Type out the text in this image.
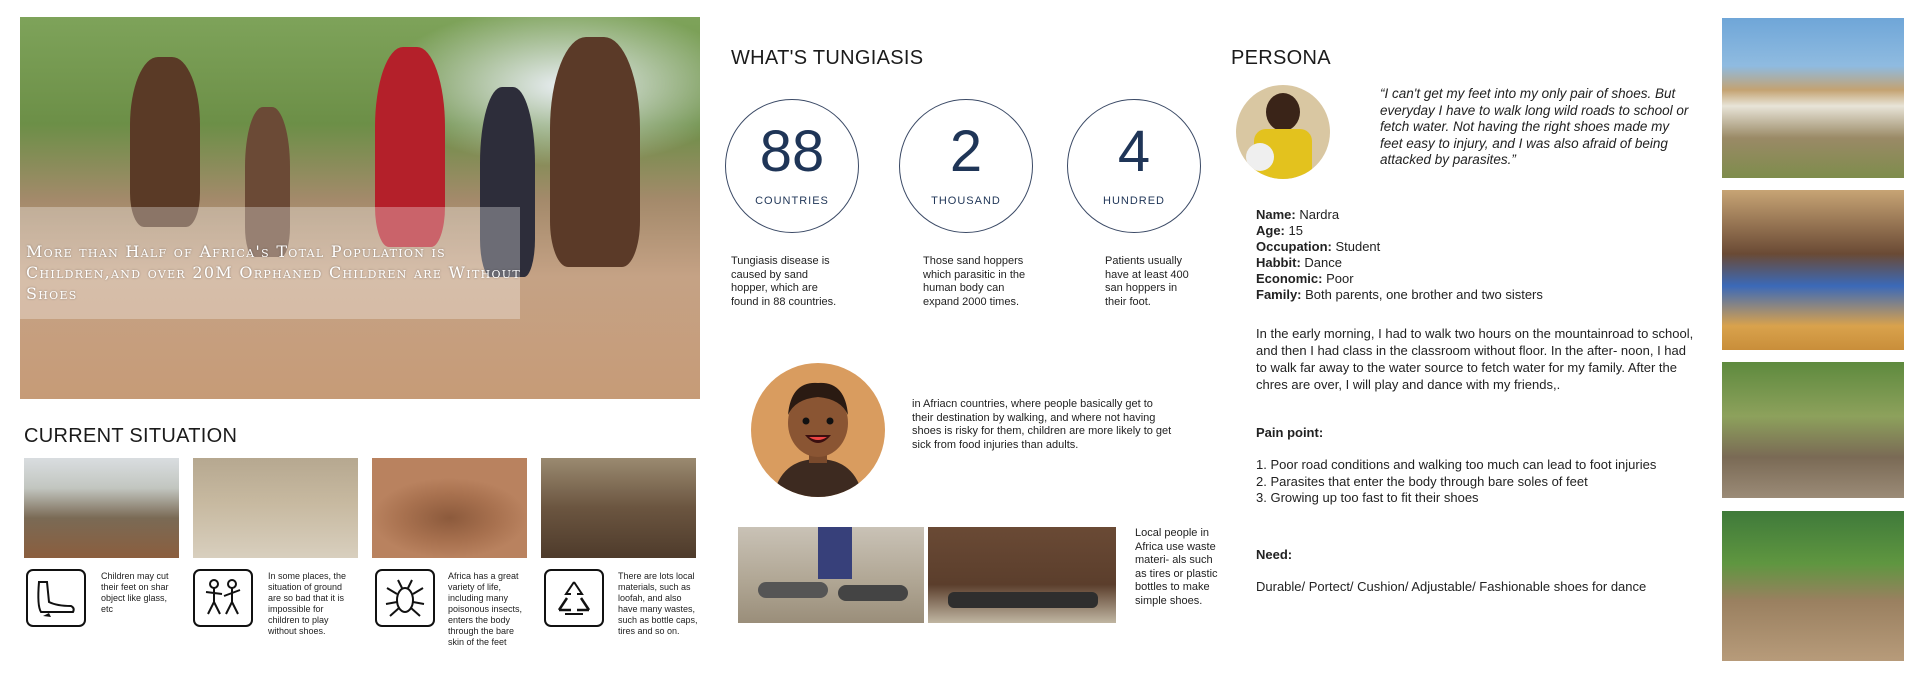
More than Half of Africa's Total Population is Children,and over 20M Orphaned Children are Without Shoes
CURRENT SITUATION
Children may cut their feet on shar object like glass, etc
In some places, the situation of ground are so bad that it is impossible for children to play without shoes.
Africa has a great variety of life, including many poisonous insects, enters the body through the bare skin of the feet
There are lots local materials, such as loofah, and also have many wastes, such as bottle caps, tires and so on.
WHAT'S TUNGIASIS
88
COUNTRIES
2
THOUSAND
4
HUNDRED
Tungiasis disease is caused by sand hopper, which are found in 88 countries.
Those sand hoppers which parasitic in the human body can expand 2000 times.
Patients usually have at least 400 san hoppers in their foot.
in Afriacn countries, where people basically get to their destination by walking, and where not having shoes is risky for them, children are more likely to get sick from food injuries than adults.
Local people in Africa use waste materi- als such as tires or plastic bottles to make simple shoes.
PERSONA
“I can't get my feet into my only pair of shoes. But everyday I have to walk long wild roads to school or fetch water. Not having the right shoes made my feet easy to injury, and I was also afraid of being attacked by parasites.”
Name: Nardra
Age: 15
Occupation: Student
Habbit: Dance
Economic: Poor
Family: Both parents, one brother and two sisters
In the early morning, I had to walk two hours on the mountainroad to school, and then I had class in the classroom without floor. In the after- noon, I had to walk far away to the water source to fetch water for my family. After the chres are over, I will play and dance with my friends,.
Pain point:
1. Poor road conditions and walking too much can lead to foot injuries
2. Parasites that enter the body through bare soles of feet
3. Growing up too fast to fit their shoes
Need:
Durable/ Portect/ Cushion/ Adjustable/ Fashionable shoes for dance
